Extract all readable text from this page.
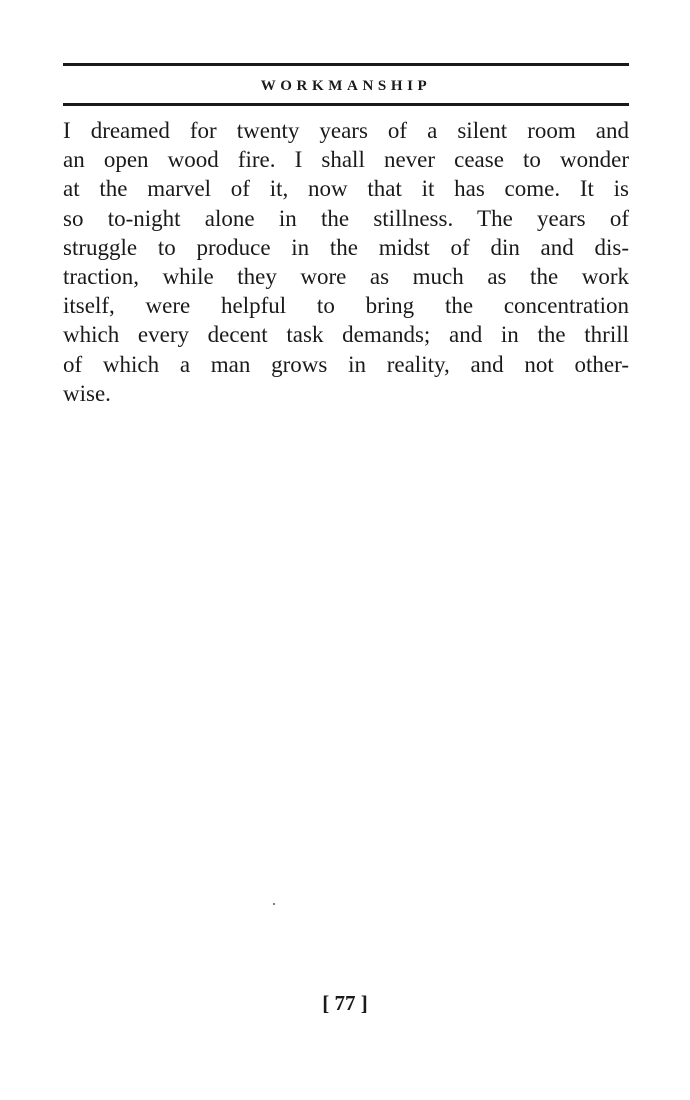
WORKMANSHIP
I dreamed for twenty years of a silent room and
an open wood fire. I shall never cease to wonder
at the marvel of it, now that it has come. It is
so to-night alone in the stillness. The years of
struggle to produce in the midst of din and dis-
traction, while they wore as much as the work
itself, were helpful to bring the concentration
which every decent task demands; and in the thrill
of which a man grows in reality, and not other-
wise.
[ 77 ]
